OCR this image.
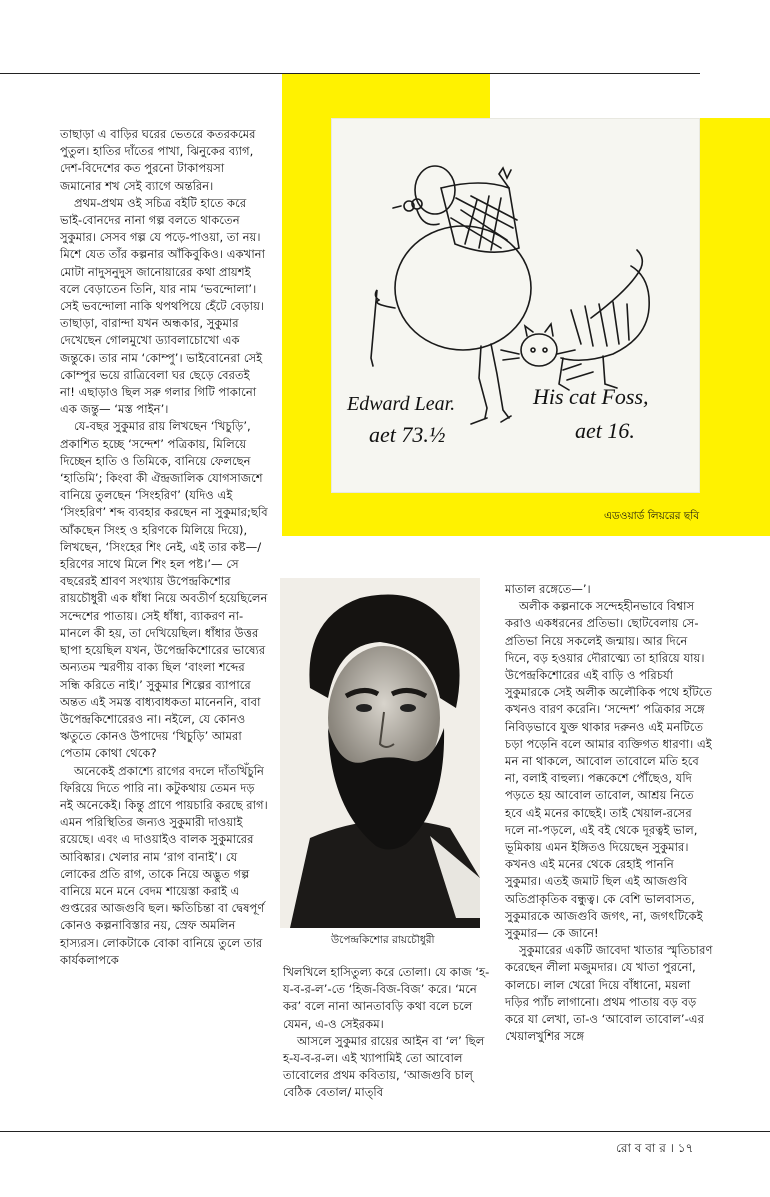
Edward Lear.
aet 73.½
His cat Foss,
aet 16.
এডওয়ার্ড লিয়রের ছবি
উপেন্দ্রকিশোর রায়চৌধুরী

তাছাড়া এ বাড়ির ঘরের ভেতরে কতরকমের পুতুল। হাতির দাঁতের পাখা, ঝিনুকের ব্যাগ, দেশ-বিদেশের কত পুরনো টাকাপয়সা জমানোর শখ সেই ব্যাগে অন্তরিন।

প্রথম-প্রথম ওই সচিত্র বইটি হাতে করে ভাই-বোনদের নানা গল্প বলতে থাকতেন সুকুমার। সেসব গল্প যে পড়ে-পাওয়া, তা নয়। মিশে যেত তাঁর কল্পনার আঁকিবুকিও। একখানা মোটা নাদুসনুদুস জানোয়ারের কথা প্রায়শই বলে বেড়াতেন তিনি, যার নাম ‘ভবন্দোলা’। সেই ভবন্দোলা নাকি থপথপিয়ে হেঁটে বেড়ায়। তাছাড়া, বারান্দা যখন অন্ধকার, সুকুমার দেখেছেন গোলমুখো ড্যাবলাচোখো এক জন্তুকে। তার নাম ‘কোম্পু’। ভাইবোনেরা সেই কোম্পুর ভয়ে রাত্রিবেলা ঘর ছেড়ে বেরতই না! এছাড়াও ছিল সরু গলার গিটি পাকানো এক জন্তু— ‘মস্ত পাইন’।

যে-বছর সুকুমার রায় লিখছেন ‘খিচুড়ি’, প্রকাশিত হচ্ছে ‘সন্দেশ’ পত্রিকায়, মিলিয়ে দিচ্ছেন হাতি ও তিমিকে, বানিয়ে ফেলছেন ‘হাতিমি’; কিংবা কী ঐন্দ্রজালিক যোগসাজশে বানিয়ে তুলছেন ‘সিংহরিণ’ (যদিও এই ‘সিংহরিণ’ শব্দ ব্যবহার করছেন না সুকুমার;ছবি আঁকছেন সিংহ ও হরিণকে মিলিয়ে দিয়ে), লিখছেন, ‘সিংহের শিং নেই, এই তার কষ্ট—/ হরিণের সাথে মিলে শিং হল পষ্ট।’— সে বছরেরই শ্রাবণ সংখ্যায় উপেন্দ্রকিশোর রায়চৌধুরী এক ধাঁধা নিয়ে অবতীর্ণ হয়েছিলেন সন্দেশের পাতায়। সেই ধাঁধা, ব্যাকরণ না-মানলে কী হয়, তা দেখিয়েছিল। ধাঁধার উত্তর ছাপা হয়েছিল যখন, উপেন্দ্রকিশোরের ভাষ্যের অন্যতম স্মরণীয় বাক্য ছিল ‘বাংলা শব্দের সন্ধি করিতে নাই।’ সুকুমার শিল্পের ব্যাপারে অন্তত এই সমস্ত বাধ্যবাধকতা মানেননি, বাবা উপেন্দ্রকিশোরেরও না। নইলে, যে কোনও ঋতুতে কোনও উপাদেয় ‘খিচুড়ি’ আমরা পেতাম কোথা থেকে?

অনেকেই প্রকাশ্যে রাগের বদলে দাঁতখিঁচুনি ফিরিয়ে দিতে পারি না। কটুকথায় তেমন দড় নই অনেকেই। কিন্তু প্রাণে পায়চারি করছে রাগ। এমন পরিস্থিতির জন্যও সুকুমারী দাওয়াই রয়েছে। এবং এ দাওয়াইও বালক সুকুমারের আবিষ্কার। খেলার নাম ‘রাগ বানাই’। যে লোকের প্রতি রাগ, তাকে নিয়ে অদ্ভুত গল্প বানিয়ে মনে মনে বেদম শায়েস্তা করাই এ গুপ্তরের আজগুবি ছল। ক্ষতিচিন্তা বা দ্বেষপূর্ণ কোনও কল্পনাবিস্তার নয়, স্রেফ অমলিন হাস্যরস। লোকটাকে বোকা বানিয়ে তুলে তার কার্যকলাপকে

খিলখিলে হাসিতুল্য করে তোলা। যে কাজ ‘হ-য-ব-র-ল’-তে ‘হিজ-বিজ-বিজ’ করে। ‘মনে কর’ বলে নানা আনতাবড়ি কথা বলে চলে যেমন, এ-ও সেইরকম।

আসলে সুকুমার রায়ের আইন বা ‘ল’ ছিল হ-য-ব-র-ল। এই খ্যাপামিই তো আবোল তাবোলের প্রথম কবিতায়, ‘আজগুবি চাল্‌ বেঠিক বেতাল/ মাত্‌বি

মাতাল রঙ্গেতে—’।

অলীক কল্পনাকে সন্দেহহীনভাবে বিশ্বাস করাও একধরনের প্রতিভা। ছোটবেলায় সে-প্রতিভা নিয়ে সকলেই জন্মায়। আর দিনে দিনে, বড় হওয়ার দৌরাত্ম্যে তা হারিয়ে যায়। উপেন্দ্রকিশোরের এই বাড়ি ও পরিচর্যা সুকুমারকে সেই অলীক অলৌকিক পথে হাঁটতে কখনও বারণ করেনি। ‘সন্দেশ’ পত্রিকার সঙ্গে নিবিড়ভাবে যুক্ত থাকার দরুনও এই মনটিতে চড়া পড়েনি বলে আমার ব্যক্তিগত ধারণা। এই মন না থাকলে, আবোল তাবোলে মতি হবে না, বলাই বাহুল্য। পক্ককেশে পৌঁছেও, যদি পড়তে হয় আবোল তাবোল, আশ্রয় নিতে হবে এই মনের কাছেই। তাই খেয়াল-রসের দলে না-পড়লে, এই বই থেকে দূরত্বই ভাল, ভূমিকায় এমন ইঙ্গিতও দিয়েছেন সুকুমার। কখনও এই মনের থেকে রেহাই পাননি সুকুমার। এতই জমাট ছিল এই আজগুবি অতিপ্রাকৃতিক বন্ধুত্ব। কে বেশি ভালবাসত, সুকুমারকে আজগুবি জগৎ, না, জগৎটিকেই সুকুমার— কে জানে!

সুকুমারের একটি জাবেদা খাতার স্মৃতিচারণ করেছেন লীলা মজুমদার। যে খাতা পুরনো, কালচে। লাল খেরো দিয়ে বাঁধানো, ময়লা দড়ির প্যাঁচ লাগানো। প্রথম পাতায় বড় বড় করে যা লেখা, তা-ও ‘আবোল তাবোল’-এর খেয়ালখুশির সঙ্গে

রো ব বা র । ১৭
